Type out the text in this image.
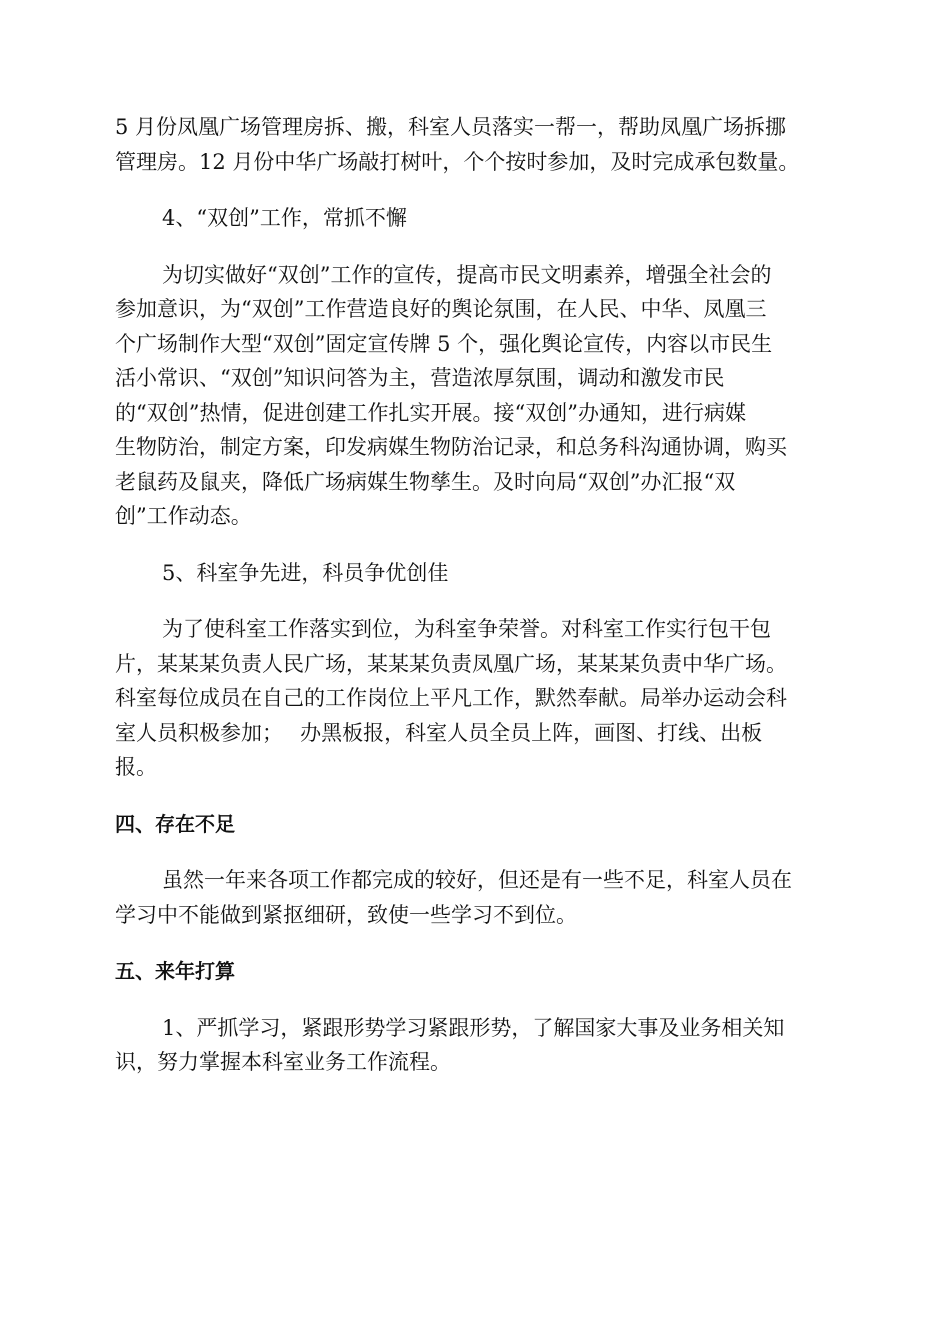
5 月份凤凰广场管理房拆、搬，科室人员落实一帮一，帮助凤凰广场拆挪
管理房。12 月份中华广场敲打树叶，个个按时参加，及时完成承包数量。
4、“双创”工作，常抓不懈
为切实做好“双创”工作的宣传，提高市民文明素养，增强全社会的
参加意识，为“双创”工作营造良好的舆论氛围，在人民、中华、凤凰三
个广场制作大型“双创”固定宣传牌 5 个，强化舆论宣传，内容以市民生
活小常识、“双创”知识问答为主，营造浓厚氛围，调动和激发市民
的“双创”热情，促进创建工作扎实开展。接“双创”办通知，进行病媒
生物防治，制定方案，印发病媒生物防治记录，和总务科沟通协调，购买
老鼠药及鼠夹，降低广场病媒生物孳生。及时向局“双创”办汇报“双
创”工作动态。
5、科室争先进，科员争优创佳
为了使科室工作落实到位，为科室争荣誉。对科室工作实行包干包
片，某某某负责人民广场，某某某负责凤凰广场，某某某负责中华广场。
科室每位成员在自己的工作岗位上平凡工作，默然奉献。局举办运动会科
室人员积极参加；　 办黑板报，科室人员全员上阵，画图、打线、出板
报。
四、存在不足
虽然一年来各项工作都完成的较好，但还是有一些不足，科室人员在
学习中不能做到紧抠细研，致使一些学习不到位。
五、来年打算
1、严抓学习，紧跟形势学习紧跟形势，了解国家大事及业务相关知
识，努力掌握本科室业务工作流程。
